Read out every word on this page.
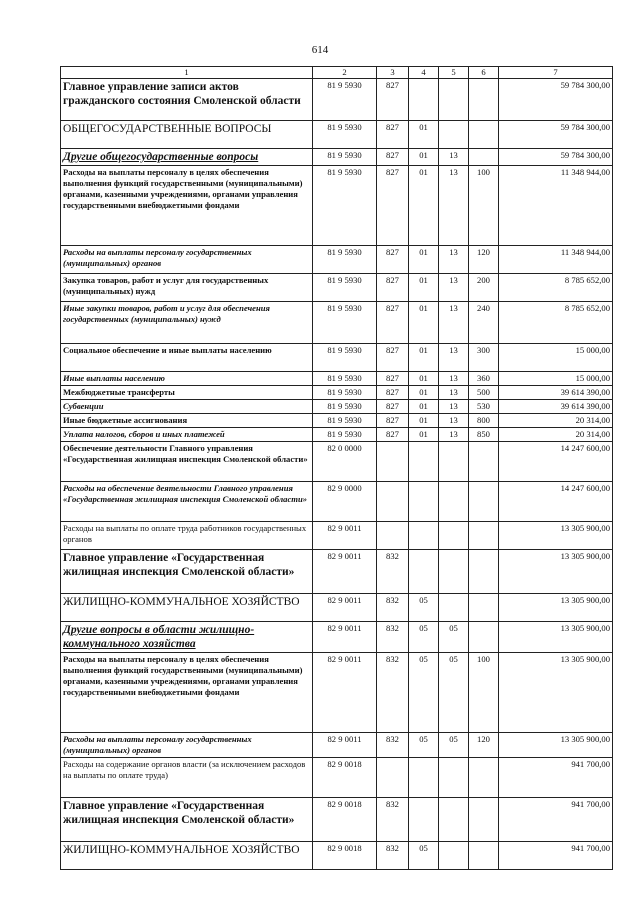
614
1	2	3	4	5	6	7
Главное управление записи актов гражданского состояния Смоленской области	81 9 5930	827				59 784 300,00
ОБЩЕГОСУДАРСТВЕННЫЕ ВОПРОСЫ	81 9 5930	827	01			59 784 300,00
Другие общегосударственные вопросы	81 9 5930	827	01	13		59 784 300,00
Расходы на выплаты персоналу в целях обеспечения выполнения функций государственными (муниципальными) органами, казенными учреждениями, органами управления государственными внебюджетными фондами	81 9 5930	827	01	13	100	11 348 944,00
Расходы на выплаты персоналу государственных (муниципальных) органов	81 9 5930	827	01	13	120	11 348 944,00
Закупка товаров, работ и услуг для государственных (муниципальных) нужд	81 9 5930	827	01	13	200	8 785 652,00
Иные закупки товаров, работ и услуг для обеспечения государственных (муниципальных) нужд	81 9 5930	827	01	13	240	8 785 652,00
Социальное обеспечение и иные выплаты населению	81 9 5930	827	01	13	300	15 000,00
Иные выплаты населению	81 9 5930	827	01	13	360	15 000,00
Межбюджетные трансферты	81 9 5930	827	01	13	500	39 614 390,00
Субвенции	81 9 5930	827	01	13	530	39 614 390,00
Иные бюджетные ассигнования	81 9 5930	827	01	13	800	20 314,00
Уплата налогов, сборов и иных платежей	81 9 5930	827	01	13	850	20 314,00
Обеспечение деятельности Главного управления «Государственная жилищная инспекция Смоленской области»	82 0 0000					14 247 600,00
Расходы на обеспечение деятельности Главного управления «Государственная жилищная инспекция Смоленской области»	82 9 0000					14 247 600,00
Расходы на выплаты по оплате труда работников государственных органов	82 9 0011					13 305 900,00
Главное управление «Государственная жилищная инспекция Смоленской области»	82 9 0011	832				13 305 900,00
ЖИЛИЩНО-КОММУНАЛЬНОЕ ХОЗЯЙСТВО	82 9 0011	832	05			13 305 900,00
Другие вопросы в области жилищно-коммунального хозяйства	82 9 0011	832	05	05		13 305 900,00
Расходы на выплаты персоналу в целях обеспечения выполнения функций государственными (муниципальными) органами, казенными учреждениями, органами управления государственными внебюджетными фондами	82 9 0011	832	05	05	100	13 305 900,00
Расходы на выплаты персоналу государственных (муниципальных) органов	82 9 0011	832	05	05	120	13 305 900,00
Расходы на содержание органов власти (за исключением расходов на выплаты по оплате труда)	82 9 0018					941 700,00
Главное управление «Государственная жилищная инспекция Смоленской области»	82 9 0018	832				941 700,00
ЖИЛИЩНО-КОММУНАЛЬНОЕ ХОЗЯЙСТВО	82 9 0018	832	05			941 700,00
